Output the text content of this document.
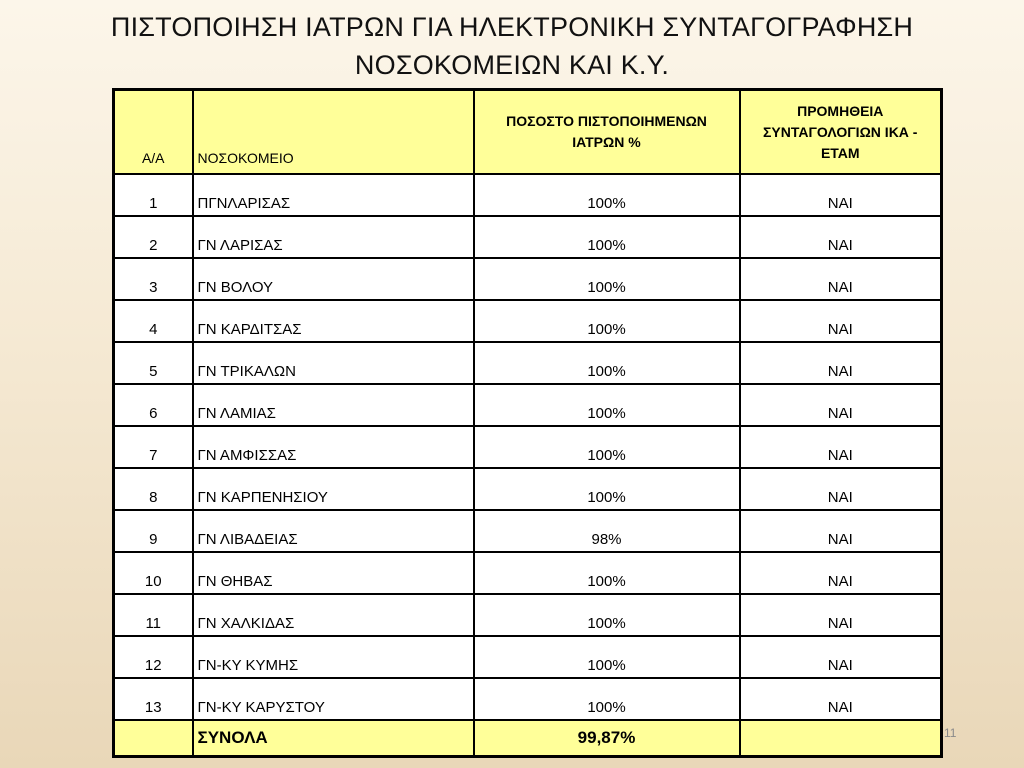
ΠΙΣΤΟΠΟΙΗΣΗ ΙΑΤΡΩΝ ΓΙΑ ΗΛΕΚΤΡΟΝΙΚΗ ΣΥΝΤΑΓΟΓΡΑΦΗΣΗ
ΝΟΣΟΚΟΜΕΙΩΝ ΚΑΙ Κ.Υ.
Α/Α	ΝΟΣΟΚΟΜΕΙΟ	ΠΟΣΟΣΤΟ ΠΙΣΤΟΠΟΙΗΜΕΝΩΝ ΙΑΤΡΩΝ %	ΠΡΟΜΗΘΕΙΑ ΣΥΝΤΑΓΟΛΟΓΙΩΝ ΙΚΑ - ΕΤΑΜ
1	ΠΓΝΛΑΡΙΣΑΣ	100%	ΝΑΙ
2	ΓΝ ΛΑΡΙΣΑΣ	100%	ΝΑΙ
3	ΓΝ ΒΟΛΟΥ	100%	ΝΑΙ
4	ΓΝ ΚΑΡΔΙΤΣΑΣ	100%	ΝΑΙ
5	ΓΝ ΤΡΙΚΑΛΩΝ	100%	ΝΑΙ
6	ΓΝ ΛΑΜΙΑΣ	100%	ΝΑΙ
7	ΓΝ ΑΜΦΙΣΣΑΣ	100%	ΝΑΙ
8	ΓΝ ΚΑΡΠΕΝΗΣΙΟΥ	100%	ΝΑΙ
9	ΓΝ ΛΙΒΑΔΕΙΑΣ	98%	ΝΑΙ
10	ΓΝ ΘΗΒΑΣ	100%	ΝΑΙ
11	ΓΝ ΧΑΛΚΙΔΑΣ	100%	ΝΑΙ
12	ΓΝ-ΚΥ ΚΥΜΗΣ	100%	ΝΑΙ
13	ΓΝ-ΚΥ ΚΑΡΥΣΤΟΥ	100%	ΝΑΙ
	ΣΥΝΟΛΑ	99,87%		11
